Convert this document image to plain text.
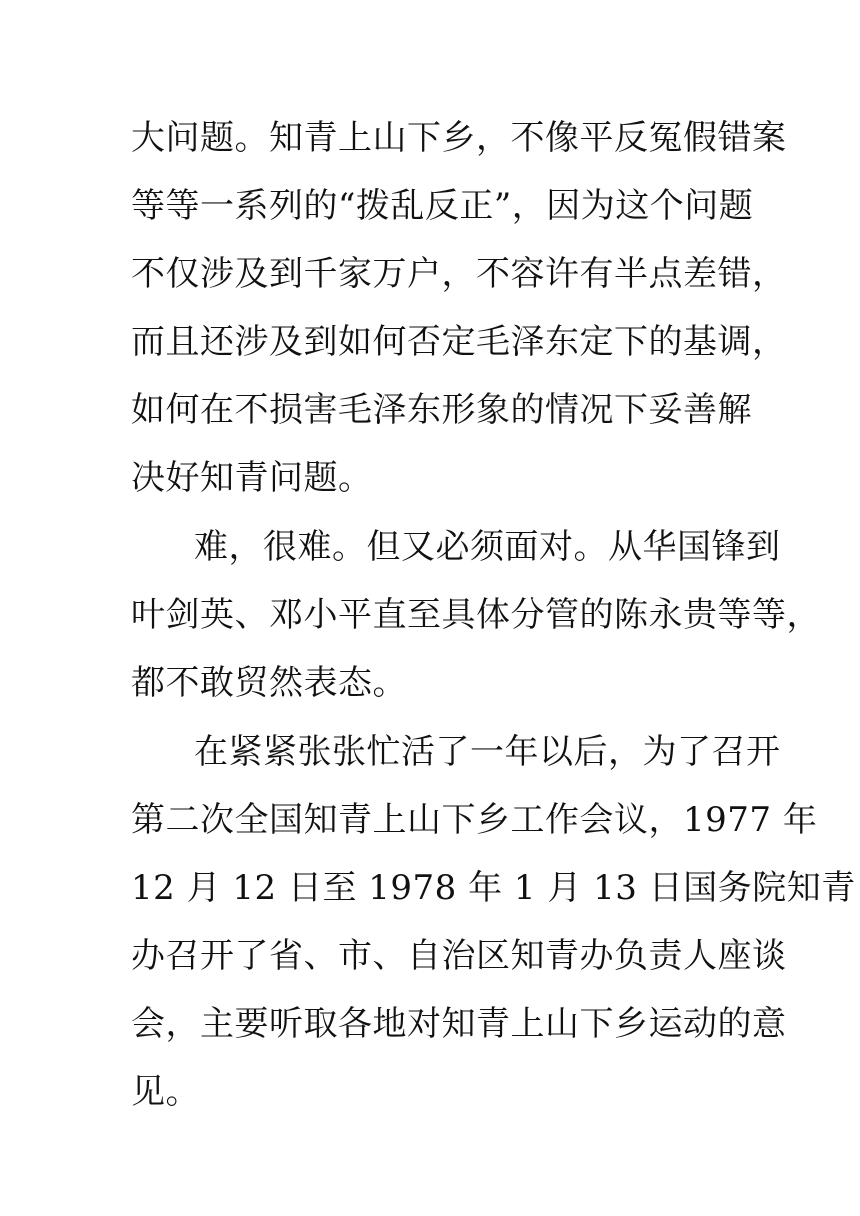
大问题。知青上山下乡，不像平反冤假错案
等等一系列的“拨乱反正”，因为这个问题
不仅涉及到千家万户，不容许有半点差错，
而且还涉及到如何否定毛泽东定下的基调，
如何在不损害毛泽东形象的情况下妥善解
决好知青问题。
难，很难。但又必须面对。从华国锋到
叶剑英、邓小平直至具体分管的陈永贵等等，
都不敢贸然表态。
在紧紧张张忙活了一年以后，为了召开
第二次全国知青上山下乡工作会议，1977 年
12 月 12 日至 1978 年 1 月 13 日国务院知青
办召开了省、市、自治区知青办负责人座谈
会，主要听取各地对知青上山下乡运动的意
见。
